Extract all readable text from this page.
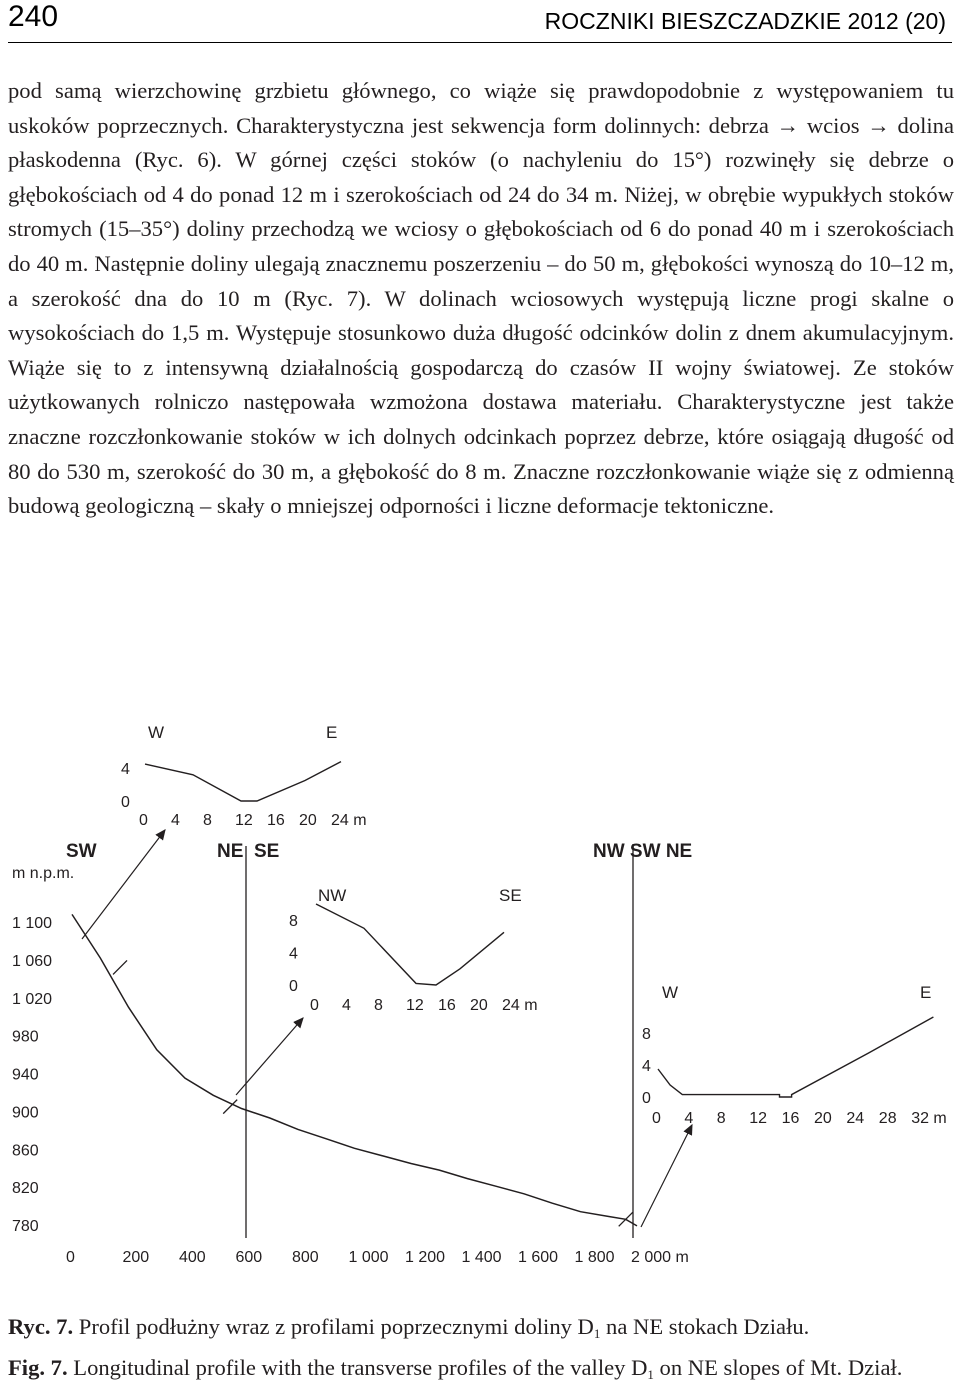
240	ROCZNIKI BIESZCZADZKIE 2012 (20)

pod samą wierzchowinę grzbietu głównego, co wiąże się prawdopodobnie z występowaniem tu uskoków poprzecznych. Charakterystyczna jest sekwencja form dolinnych: debrza → wcios → dolina płaskodenna (Ryc. 6). W górnej części stoków (o nachyleniu do 15°) rozwinęły się debrze o głębokościach od 4 do ponad 12 m i szerokościach od 24 do 34 m. Niżej, w obrębie wypukłych stoków stromych (15–35°) doliny przechodzą we wciosy o głębokościach od 6 do ponad 40 m i szerokościach do 40 m. Następnie doliny ulegają znacznemu poszerzeniu – do 50 m, głębokości wynoszą do 10–12 m, a szerokość dna do 10 m (Ryc. 7). W dolinach wciosowych występują liczne progi skalne o wysokościach do 1,5 m. Występuje stosunkowo duża długość odcinków dolin z dnem akumulacyjnym. Wiąże się to z intensywną działalnością gospodarczą do czasów II wojny światowej. Ze stoków użytkowanych rolniczo następowała wzmożona dostawa materiału. Charakterystyczne jest także znaczne rozczłonkowanie stoków w ich dolnych odcinkach poprzez debrze, które osiągają długość od 80 do 530 m, szerokość do 30 m, a głębokość do 8 m. Znaczne rozczłonkowanie wiąże się z odmienną budową geologiczną – skały o mniejszej odporności i liczne deformacje tektoniczne.

m n.p.m.
SW	NE  SE	NW SW NE
1 100
1 060
1 020
980
940
900
860
820
780
0	200 400 600 800 1 000 1 200 1 400 1 600 1 800 2 000 m
W	E
4
0
0 4 8 12 16 20 24 m
NW	SE
8
4
0
0 4 8 12 16 20 24 m
W	E
8
4
0
0 4 8 12 16 20 24 28 32 m
Ryc. 7. Profil podłużny wraz z profilami poprzecznymi doliny $D_1$ na NE stokach Działu.
Fig. 7. Longitudinal profile with the transverse profiles of the valley $D_1$ on NE slopes of Mt. Dział.
